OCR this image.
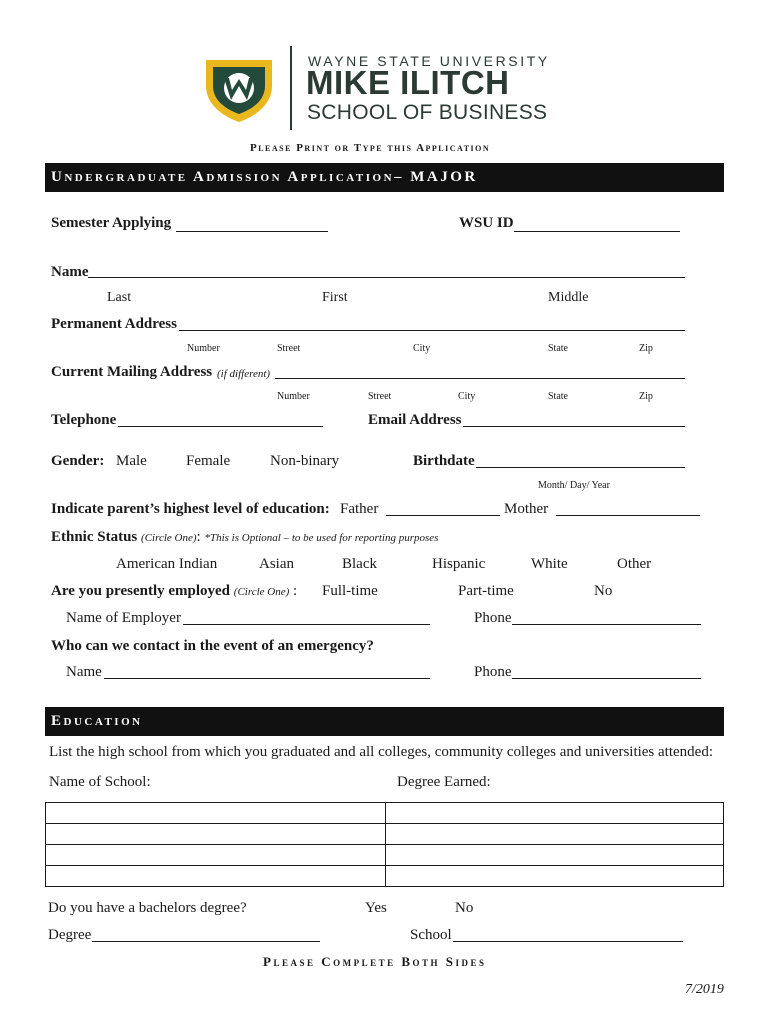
WAYNE STATE UNIVERSITY
MIKE ILITCH
SCHOOL OF BUSINESS
Please Print or Type this Application
Undergraduate Admission Application– MAJOR
Semester Applying	WSU ID
Name
Last	First	Middle
Permanent Address
Number	Street	City	State	Zip
Current Mailing Address (if different)
Number	Street	City	State	Zip
Telephone	Email Address
Gender: Male	Female	Non-binary	Birthdate
Month/ Day/ Year
Indicate parent’s highest level of education: Father	Mother
Ethnic Status (Circle One): *This is Optional – to be used for reporting purposes
American Indian	Asian	Black	Hispanic	White	Other
Are you presently employed (Circle One) : Full-time	Part-time	No
Name of Employer	Phone
Who can we contact in the event of an emergency?
Name	Phone
Education
List the high school from which you graduated and all colleges, community colleges and universities attended:
Name of School:	Degree Earned:

Do you have a bachelors degree?	Yes	No
Degree	School
Please Complete Both Sides
7/2019
